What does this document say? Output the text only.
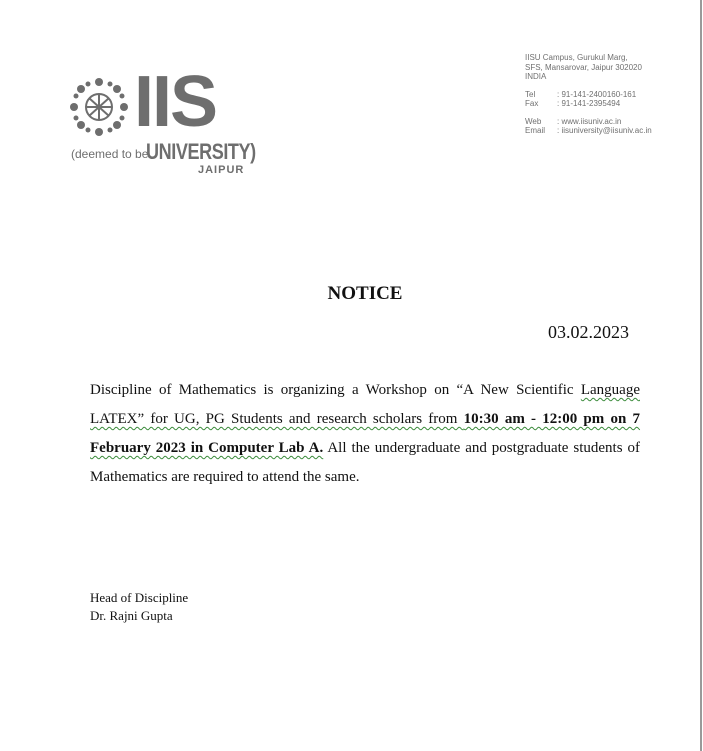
IIS
(deemed to be
UNIVERSITY)
JAIPUR
IISU Campus, Gurukul Marg,
SFS, Mansarovar, Jaipur 302020
INDIA
Tel	: 91-141-2400160-161
Fax	: 91-141-2395494
Web	: www.iisuniv.ac.in
Email	: iisuniversity@iisuniv.ac.in
NOTICE
03.02.2023
Discipline of Mathematics is organizing a Workshop on “A New Scientific Language LATEX” for UG, PG Students and research scholars from 10:30 am - 12:00 pm on 7 February 2023 in Computer Lab A. All the undergraduate and postgraduate students of Mathematics are required to attend the same.
Head of Discipline
Dr. Rajni Gupta
